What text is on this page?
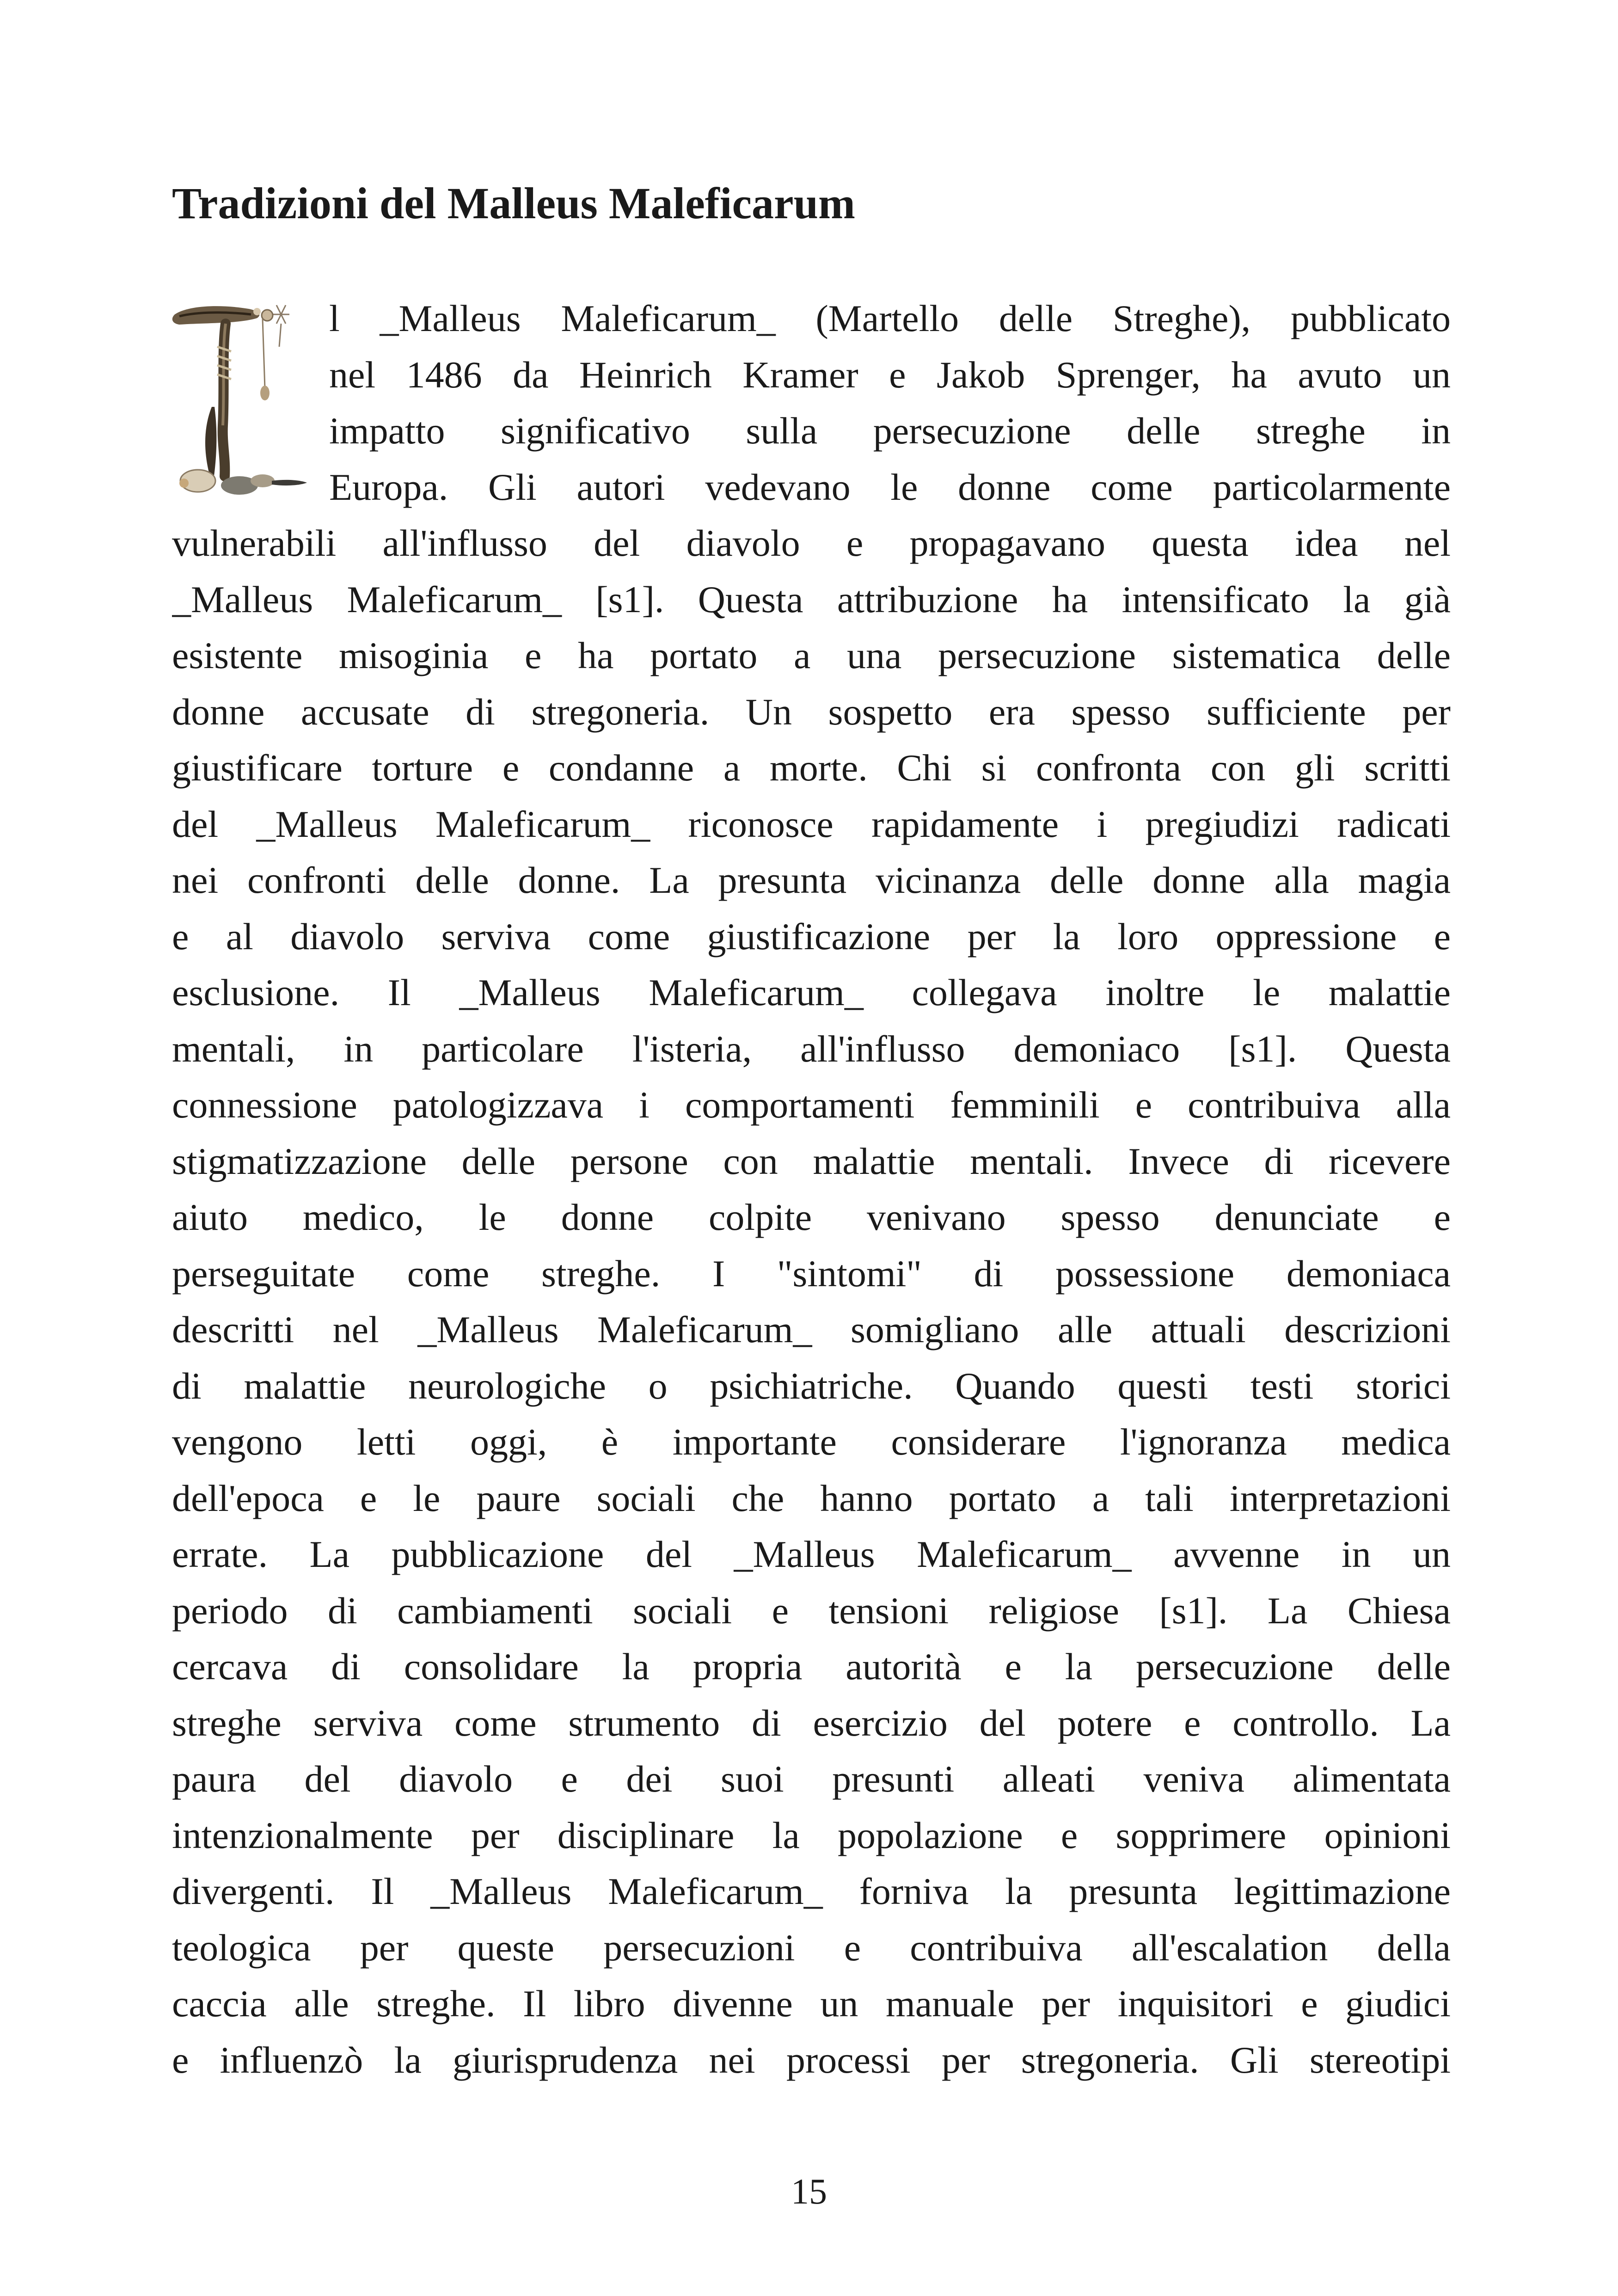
Tradizioni del Malleus Maleficarum
l _Malleus Maleficarum_ (Martello delle Streghe), pubblicato
nel 1486 da Heinrich Kramer e Jakob Sprenger, ha avuto un
impatto significativo sulla persecuzione delle streghe in
Europa. Gli autori vedevano le donne come particolarmente
vulnerabili all'influsso del diavolo e propagavano questa idea nel
_Malleus Maleficarum_ [s1]. Questa attribuzione ha intensificato la già
esistente misoginia e ha portato a una persecuzione sistematica delle
donne accusate di stregoneria. Un sospetto era spesso sufficiente per
giustificare torture e condanne a morte. Chi si confronta con gli scritti
del _Malleus Maleficarum_ riconosce rapidamente i pregiudizi radicati
nei confronti delle donne. La presunta vicinanza delle donne alla magia
e al diavolo serviva come giustificazione per la loro oppressione e
esclusione. Il _Malleus Maleficarum_ collegava inoltre le malattie
mentali, in particolare l'isteria, all'influsso demoniaco [s1]. Questa
connessione patologizzava i comportamenti femminili e contribuiva alla
stigmatizzazione delle persone con malattie mentali. Invece di ricevere
aiuto medico, le donne colpite venivano spesso denunciate e
perseguitate come streghe. I "sintomi" di possessione demoniaca
descritti nel _Malleus Maleficarum_ somigliano alle attuali descrizioni
di malattie neurologiche o psichiatriche. Quando questi testi storici
vengono letti oggi, è importante considerare l'ignoranza medica
dell'epoca e le paure sociali che hanno portato a tali interpretazioni
errate. La pubblicazione del _Malleus Maleficarum_ avvenne in un
periodo di cambiamenti sociali e tensioni religiose [s1]. La Chiesa
cercava di consolidare la propria autorità e la persecuzione delle
streghe serviva come strumento di esercizio del potere e controllo. La
paura del diavolo e dei suoi presunti alleati veniva alimentata
intenzionalmente per disciplinare la popolazione e sopprimere opinioni
divergenti. Il _Malleus Maleficarum_ forniva la presunta legittimazione
teologica per queste persecuzioni e contribuiva all'escalation della
caccia alle streghe. Il libro divenne un manuale per inquisitori e giudici
e influenzò la giurisprudenza nei processi per stregoneria. Gli stereotipi
15
